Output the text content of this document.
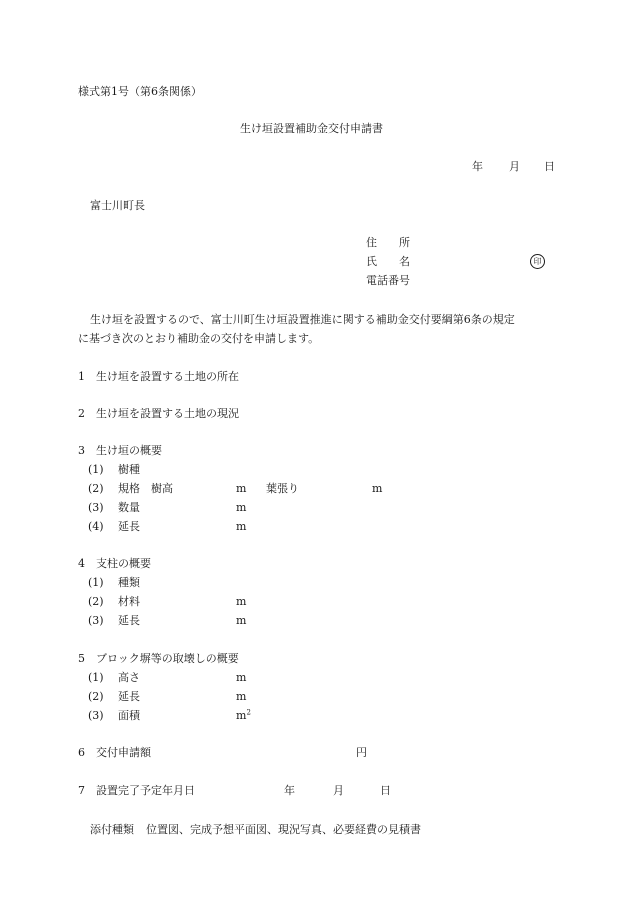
様式第1号（第6条関係）

生け垣設置補助金交付申請書

年 月 日

富士川町長

住　　所

氏　　名	印

電話番号

生け垣を設置するので、富士川町生け垣設置推進に関する補助金交付要綱第6条の規定

に基づき次のとおり補助金の交付を申請します。

1 生け垣を設置する土地の所在

2 生け垣を設置する土地の現況

3 生け垣の概要

(1) 樹種

(2) 規格　樹高	m 葉張り	m

(3) 数量	m

(4) 延長	m

4 支柱の概要

(1) 種類

(2) 材料	m

(3) 延長	m

5 ブロック塀等の取壊しの概要

(1) 高さ	m

(2) 延長	m

(3) 面積	$m^2$

6 交付申請額	円

7 設置完了予定年月日	年	月	日

添付種類 位置図、完成予想平面図、現況写真、必要経費の見積書
